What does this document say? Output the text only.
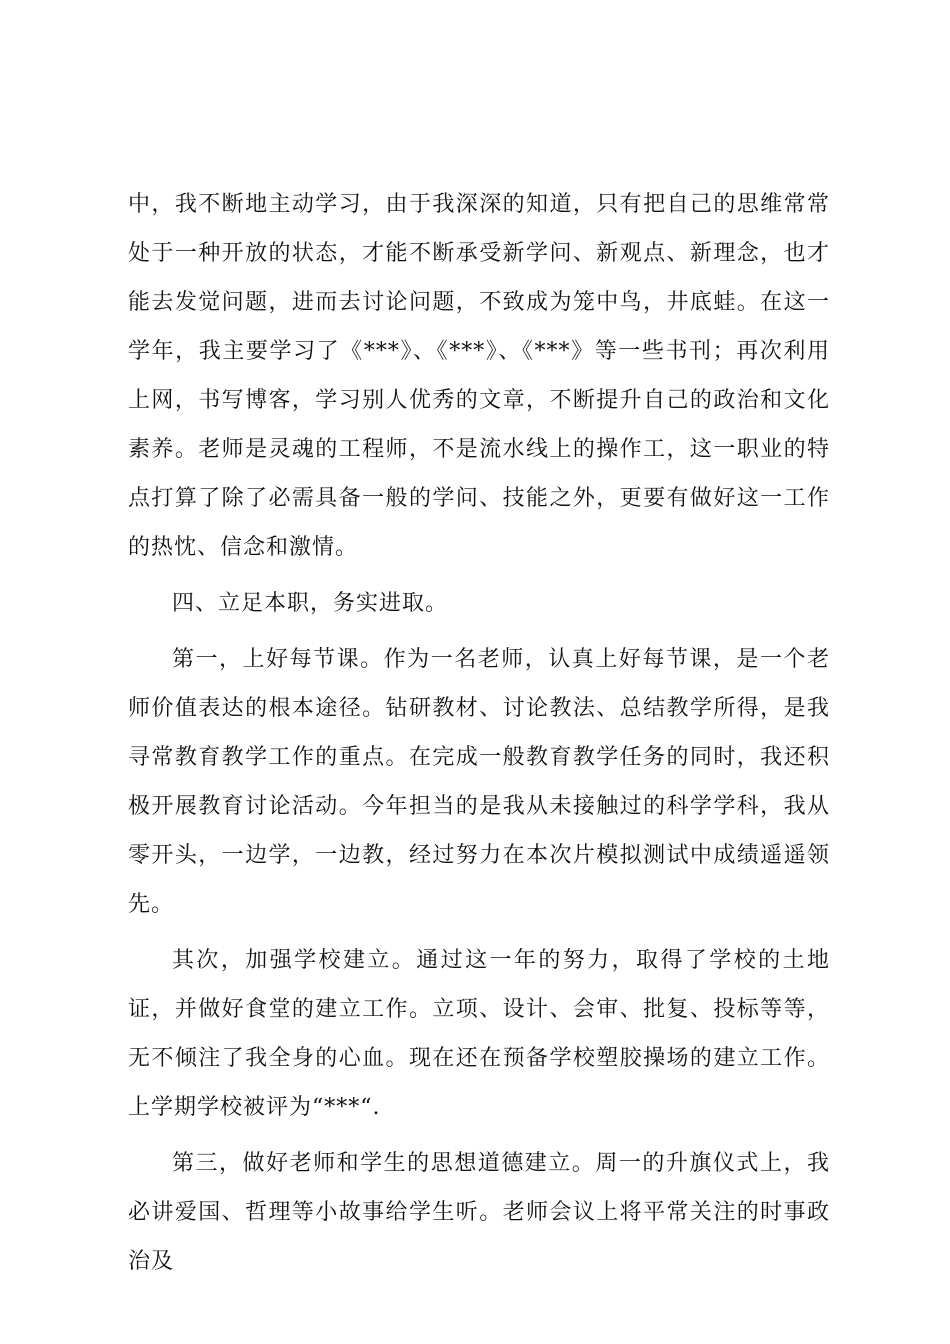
中，我不断地主动学习，由于我深深的知道，只有把自己的思维常常处于一种开放的状态，才能不断承受新学问、新观点、新理念，也才能去发觉问题，进而去讨论问题，不致成为笼中鸟，井底蛙。在这一学年，我主要学习了《***》、《***》、《***》等一些书刊；再次利用上网，书写博客，学习别人优秀的文章，不断提升自己的政治和文化素养。老师是灵魂的工程师，不是流水线上的操作工，这一职业的特点打算了除了必需具备一般的学问、技能之外，更要有做好这一工作的热忱、信念和激情。

四、立足本职，务实进取。

第一，上好每节课。作为一名老师，认真上好每节课，是一个老师价值表达的根本途径。钻研教材、讨论教法、总结教学所得，是我寻常教育教学工作的重点。在完成一般教育教学任务的同时，我还积极开展教育讨论活动。今年担当的是我从未接触过的科学学科，我从零开头，一边学，一边教，经过努力在本次片模拟测试中成绩遥遥领先。

其次，加强学校建立。通过这一年的努力，取得了学校的土地证，并做好食堂的建立工作。立项、设计、会审、批复、投标等等，无不倾注了我全身的心血。现在还在预备学校塑胶操场的建立工作。上学期学校被评为“***“.

第三，做好老师和学生的思想道德建立。周一的升旗仪式上，我必讲爱国、哲理等小故事给学生听。老师会议上将平常关注的时事政治及
